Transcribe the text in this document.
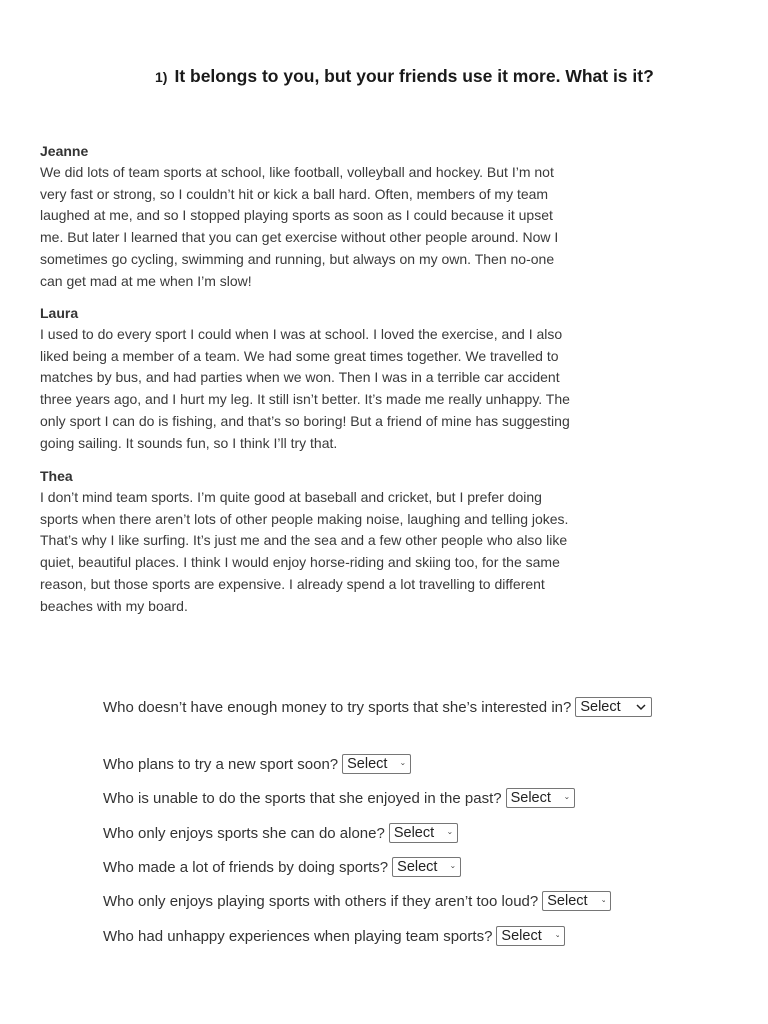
1) It belongs to you, but your friends use it more. What is it?
Jeanne
We did lots of team sports at school, like football, volleyball and hockey. But I’m not very fast or strong, so I couldn’t hit or kick a ball hard. Often, members of my team laughed at me, and so I stopped playing sports as soon as I could because it upset me. But later I learned that you can get exercise without other people around. Now I sometimes go cycling, swimming and running, but always on my own. Then no-one can get mad at me when I’m slow!
Laura
I used to do every sport I could when I was at school. I loved the exercise, and I also liked being a member of a team. We had some great times together. We travelled to matches by bus, and had parties when we won. Then I was in a terrible car accident three years ago, and I hurt my leg. It still isn’t better. It’s made me really unhappy. The only sport I can do is fishing, and that’s so boring! But a friend of mine has suggesting going sailing. It sounds fun, so I think I’ll try that.
Thea
I don’t mind team sports. I’m quite good at baseball and cricket, but I prefer doing sports when there aren’t lots of other people making noise, laughing and telling jokes. That’s why I like surfing. It’s just me and the sea and a few other people who also like quiet, beautiful places. I think I would enjoy horse-riding and skiing too, for the same reason, but those sports are expensive. I already spend a lot travelling to different beaches with my board.
Who doesn’t have enough money to try sports that she’s interested in? Select
Who plans to try a new sport soon? Select
Who is unable to do the sports that she enjoyed in the past? Select
Who only enjoys sports she can do alone? Select
Who made a lot of friends by doing sports? Select
Who only enjoys playing sports with others if they aren’t too loud? Select
Who had unhappy experiences when playing team sports? Select
